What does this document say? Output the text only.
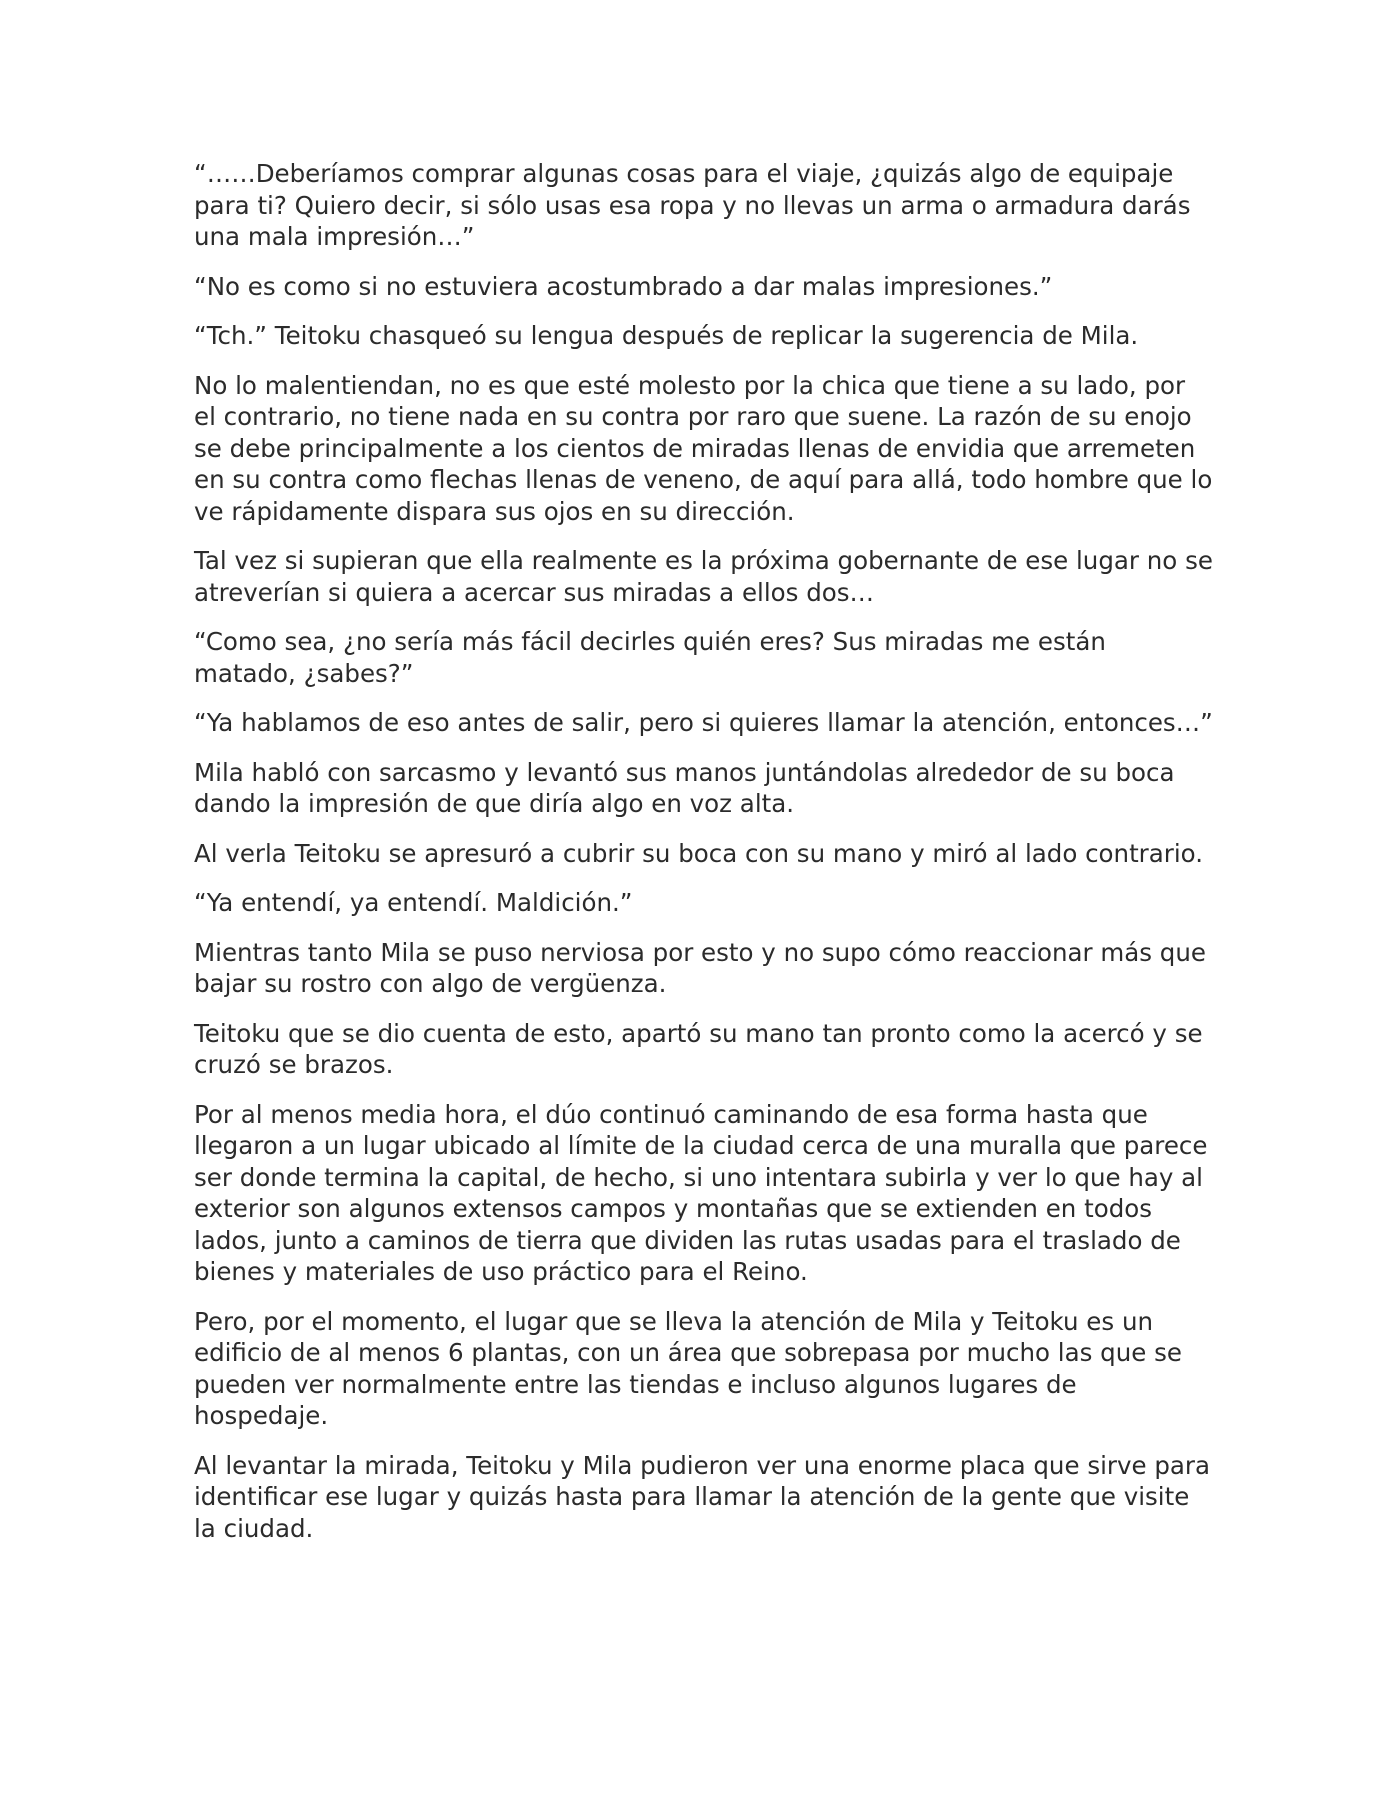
“……Deberíamos comprar algunas cosas para el viaje, ¿quizás algo de equipaje para ti? Quiero decir, si sólo usas esa ropa y no llevas un arma o armadura darás una mala impresión…”

“No es como si no estuviera acostumbrado a dar malas impresiones.”

“Tch.” Teitoku chasqueó su lengua después de replicar la sugerencia de Mila.

No lo malentiendan, no es que esté molesto por la chica que tiene a su lado, por el contrario, no tiene nada en su contra por raro que suene. La razón de su enojo se debe principalmente a los cientos de miradas llenas de envidia que arremeten en su contra como flechas llenas de veneno, de aquí para allá, todo hombre que lo ve rápidamente dispara sus ojos en su dirección.

Tal vez si supieran que ella realmente es la próxima gobernante de ese lugar no se atreverían si quiera a acercar sus miradas a ellos dos…

“Como sea, ¿no sería más fácil decirles quién eres? Sus miradas me están matado, ¿sabes?”

“Ya hablamos de eso antes de salir, pero si quieres llamar la atención, entonces…”

Mila habló con sarcasmo y levantó sus manos juntándolas alrededor de su boca dando la impresión de que diría algo en voz alta.

Al verla Teitoku se apresuró a cubrir su boca con su mano y miró al lado contrario.

“Ya entendí, ya entendí. Maldición.”

Mientras tanto Mila se puso nerviosa por esto y no supo cómo reaccionar más que bajar su rostro con algo de vergüenza.

Teitoku que se dio cuenta de esto, apartó su mano tan pronto como la acercó y se cruzó se brazos.

Por al menos media hora, el dúo continuó caminando de esa forma hasta que llegaron a un lugar ubicado al límite de la ciudad cerca de una muralla que parece ser donde termina la capital, de hecho, si uno intentara subirla y ver lo que hay al exterior son algunos extensos campos y montañas que se extienden en todos lados, junto a caminos de tierra que dividen las rutas usadas para el traslado de bienes y materiales de uso práctico para el Reino.

Pero, por el momento, el lugar que se lleva la atención de Mila y Teitoku es un edificio de al menos 6 plantas, con un área que sobrepasa por mucho las que se pueden ver normalmente entre las tiendas e incluso algunos lugares de hospedaje.

Al levantar la mirada, Teitoku y Mila pudieron ver una enorme placa que sirve para identificar ese lugar y quizás hasta para llamar la atención de la gente que visite la ciudad.
